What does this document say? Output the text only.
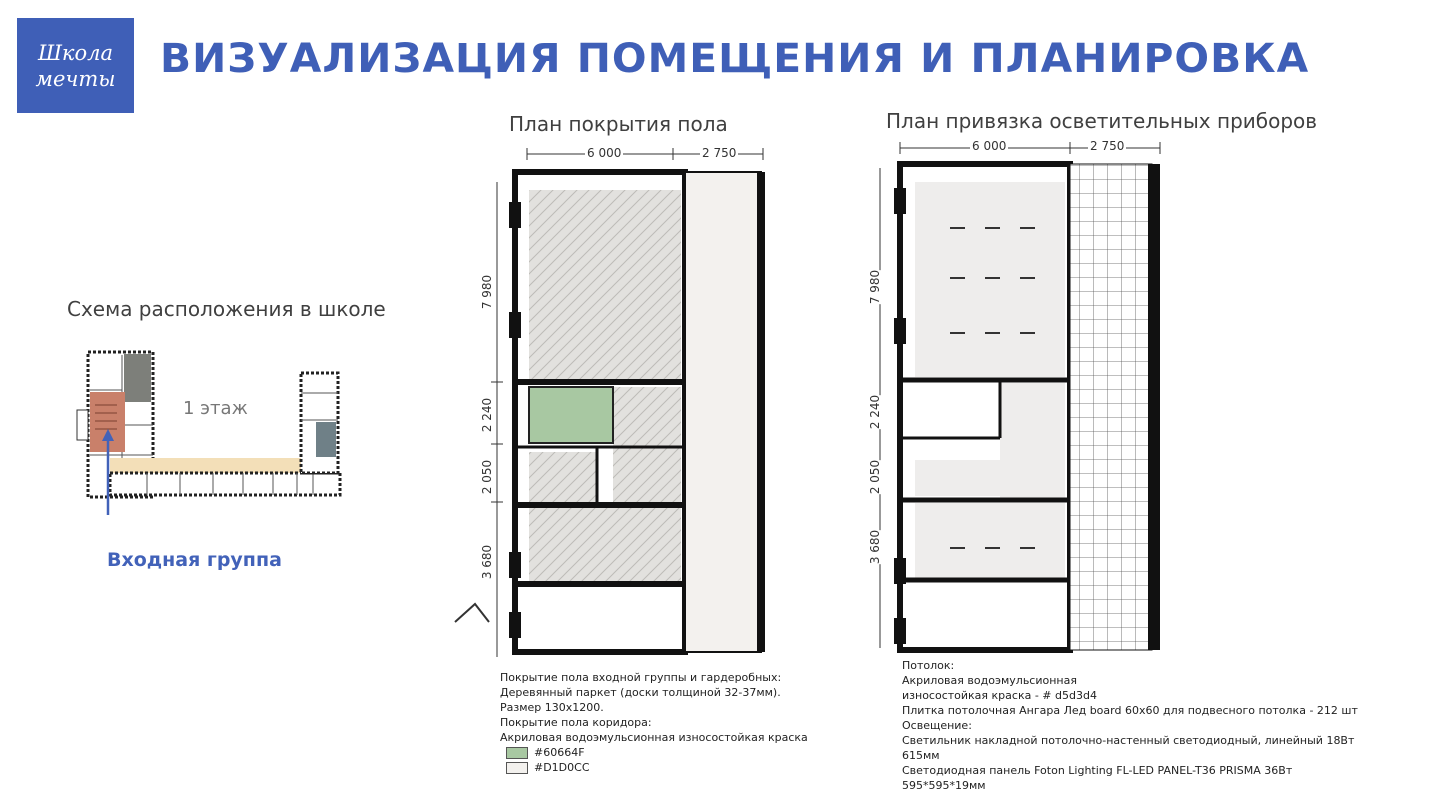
Школа
мечты ВИЗУАЛИЗАЦИЯ ПОМЕЩЕНИЯ И ПЛАНИРОВКА
Схема расположения в школе
1 этаж
Входная группа
План покрытия пола
6 000	2 750
7 980
2 240
2 050
3 680
Покрытие пола входной группы и гардеробных:
Деревянный паркет (доски толщиной 32-37мм).
Размер 130х1200.
Покрытие пола коридора:
Акриловая водоэмульсионная износостойкая краска
#60664F
#D1D0CC
План привязка осветительных приборов
6 000	2 750
7 980
2 240
2 050
3 680
Потолок:
Акриловая водоэмульсионная
износостойкая краска - # d5d3d4
Плитка потолочная Ангара Лед board 60х60 для подвесного потолка - 212 шт
Освещение:
Светильник накладной потолочно-настенный светодиодный, линейный 18Вт
615мм
Светодиодная панель Foton Lighting FL-LED PANEL-T36 PRISMA 36Вт
595*595*19мм
